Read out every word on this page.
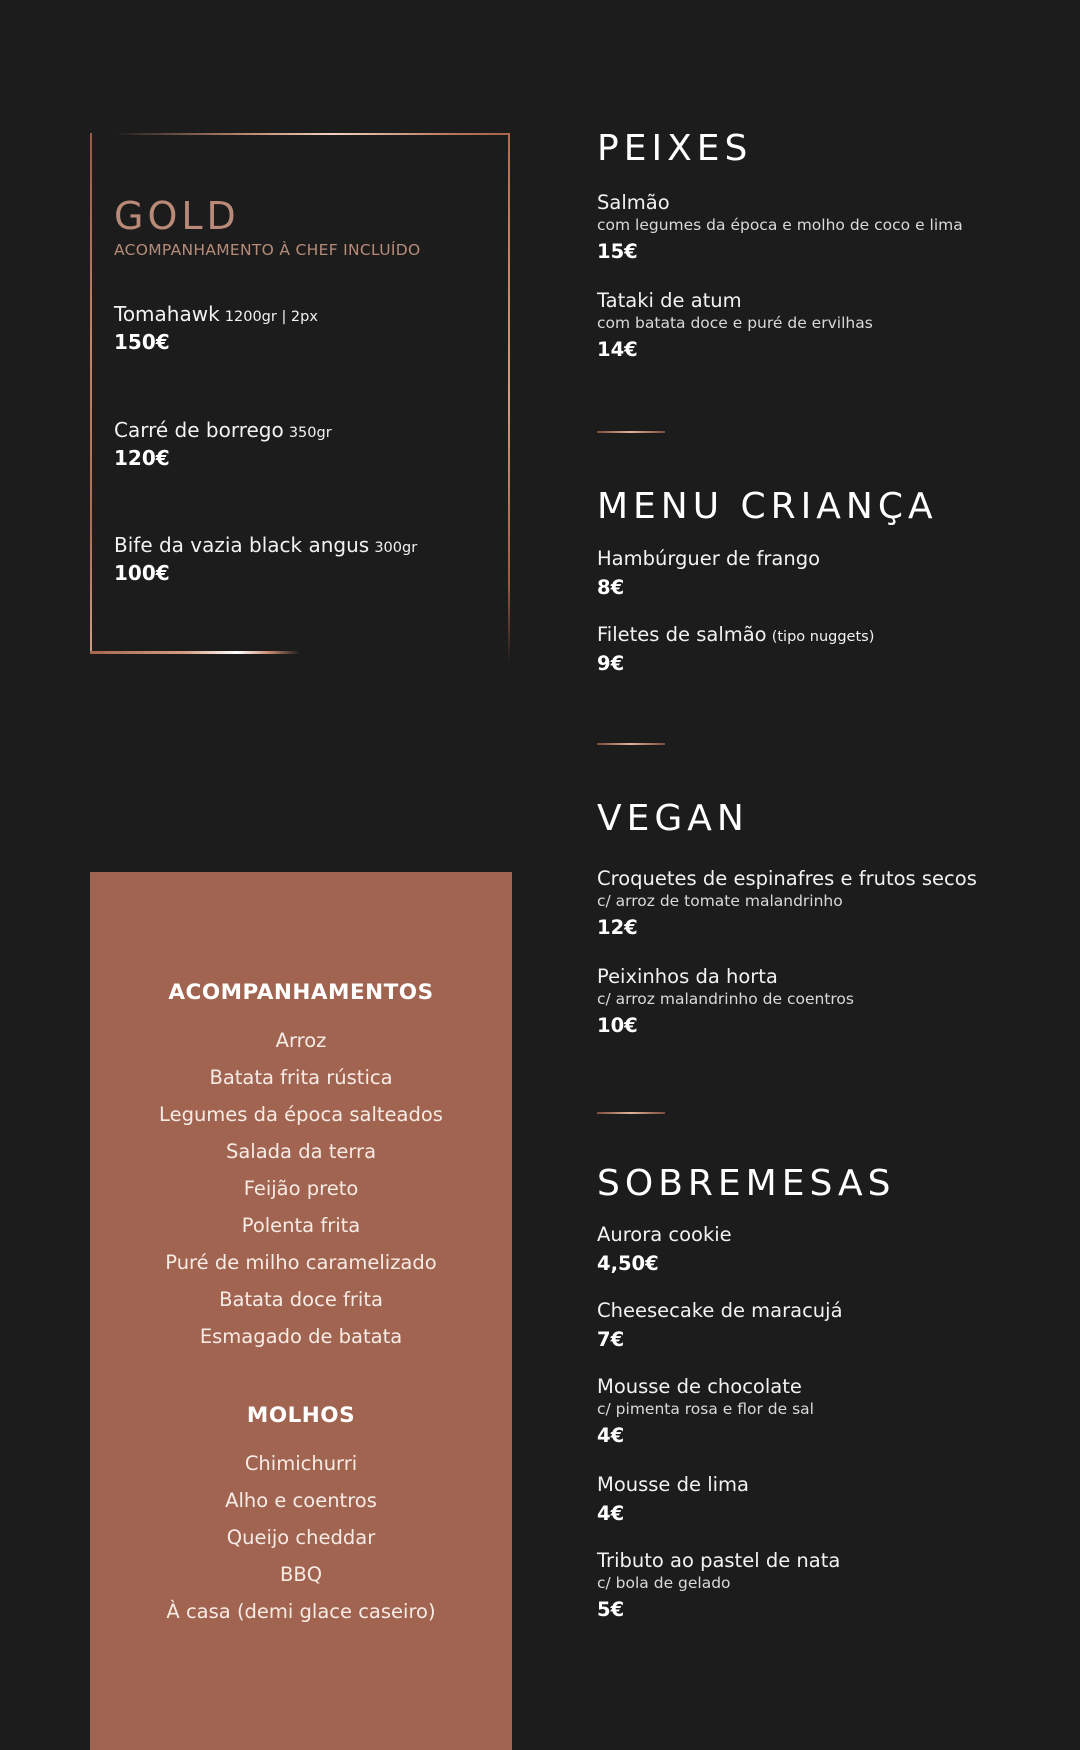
GOLD
ACOMPANHAMENTO À CHEF INCLUÍDO
Tomahawk 1200gr | 2px
150€
Carré de borrego 350gr
120€
Bife da vazia black angus 300gr
100€
ACOMPANHAMENTOS
Arroz
Batata frita rústica
Legumes da época salteados
Salada da terra
Feijão preto
Polenta frita
Puré de milho caramelizado
Batata doce frita
Esmagado de batata
MOLHOS
Chimichurri
Alho e coentros
Queijo cheddar
BBQ
À casa (demi glace caseiro)
PEIXES
Salmão
com legumes da época e molho de coco e lima
15€
Tataki de atum
com batata doce e puré de ervilhas
14€
MENU CRIANÇA
Hambúrguer de frango
8€
Filetes de salmão (tipo nuggets)
9€
VEGAN
Croquetes de espinafres e frutos secos
c/ arroz de tomate malandrinho
12€
Peixinhos da horta
c/ arroz malandrinho de coentros
10€
SOBREMESAS
Aurora cookie
4,50€
Cheesecake de maracujá
7€
Mousse de chocolate
c/ pimenta rosa e flor de sal
4€
Mousse de lima
4€
Tributo ao pastel de nata
c/ bola de gelado
5€
